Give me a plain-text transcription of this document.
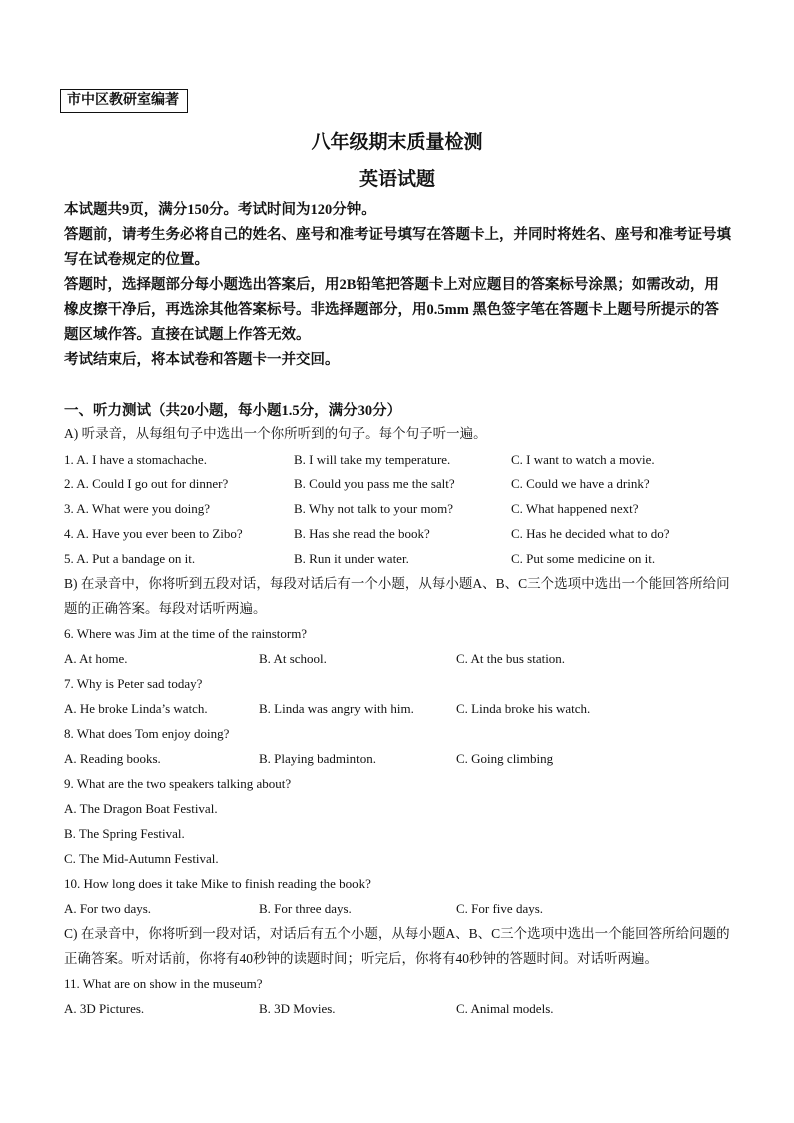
市中区教研室编著
八年级期末质量检测
英语试题
本试题共9页，满分150分。考试时间为120分钟。
答题前，请考生务必将自己的姓名、座号和准考证号填写在答题卡上，并同时将姓名、座号和准考证号填写在试卷规定的位置。
答题时，选择题部分每小题选出答案后，用2B铅笔把答题卡上对应题目的答案标号涂黑；如需改动，用橡皮擦干净后，再选涂其他答案标号。非选择题部分，用0.5mm 黑色签字笔在答题卡上题号所提示的答题区域作答。直接在试题上作答无效。
考试结束后，将本试卷和答题卡一并交回。
一、听力测试（共20小题，每小题1.5分，满分30分）
A) 听录音，从每组句子中选出一个你所听到的句子。每个句子听一遍。
1. A. I have a stomachache.	B. I will take my temperature.	C. I want to watch a movie.
2. A. Could I go out for dinner?	B. Could you pass me the salt?	C. Could we have a drink?
3. A. What were you doing?	B. Why not talk to your mom?	C. What happened next?
4. A. Have you ever been to Zibo?	B. Has she read the book?	C. Has he decided what to do?
5. A. Put a bandage on it.	B. Run it under water.	C. Put some medicine on it.
B) 在录音中，你将听到五段对话，每段对话后有一个小题，从每小题A、B、C三个选项中选出一个能回答所给问题的正确答案。每段对话听两遍。
6. Where was Jim at the time of the rainstorm?
A. At home.	B. At school.	C. At the bus station.
7. Why is Peter sad today?
A. He broke Linda’s watch.	B. Linda was angry with him.	C. Linda broke his watch.
8. What does Tom enjoy doing?
A. Reading books.	B. Playing badminton.	C. Going climbing
9. What are the two speakers talking about?
A. The Dragon Boat Festival.
B. The Spring Festival.
C. The Mid-Autumn Festival.
10. How long does it take Mike to finish reading the book?
A. For two days.	B. For three days.	C. For five days.
C) 在录音中，你将听到一段对话，对话后有五个小题，从每小题A、B、C三个选项中选出一个能回答所给问题的正确答案。听对话前，你将有40秒钟的读题时间；听完后，你将有40秒钟的答题时间。对话听两遍。
11. What are on show in the museum?
A. 3D Pictures.	B. 3D Movies.	C. Animal models.
